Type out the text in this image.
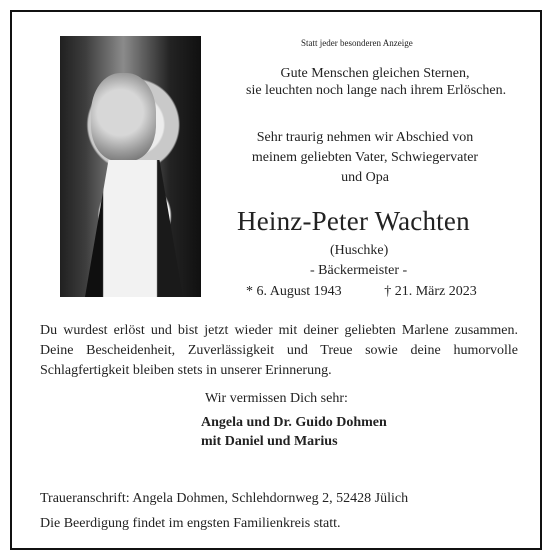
Statt jeder besonderen Anzeige
Gute Menschen gleichen Sternen,
sie leuchten noch lange nach ihrem Erlöschen.
Sehr traurig nehmen wir Abschied von
meinem geliebten Vater, Schwiegervater
und Opa
Heinz-Peter Wachten
(Huschke)
- Bäckermeister -
* 6. August 1943	† 21. März 2023
Du wurdest erlöst und bist jetzt wieder mit deiner geliebten Marlene zusammen. Deine Bescheidenheit, Zuverlässigkeit und Treue sowie deine humorvolle Schlagfertigkeit bleiben stets in unserer Erinnerung.
Wir vermissen Dich sehr:
Angela und Dr. Guido Dohmen
mit Daniel und Marius
Traueranschrift: Angela Dohmen, Schlehdornweg 2, 52428 Jülich
Die Beerdigung findet im engsten Familienkreis statt.
